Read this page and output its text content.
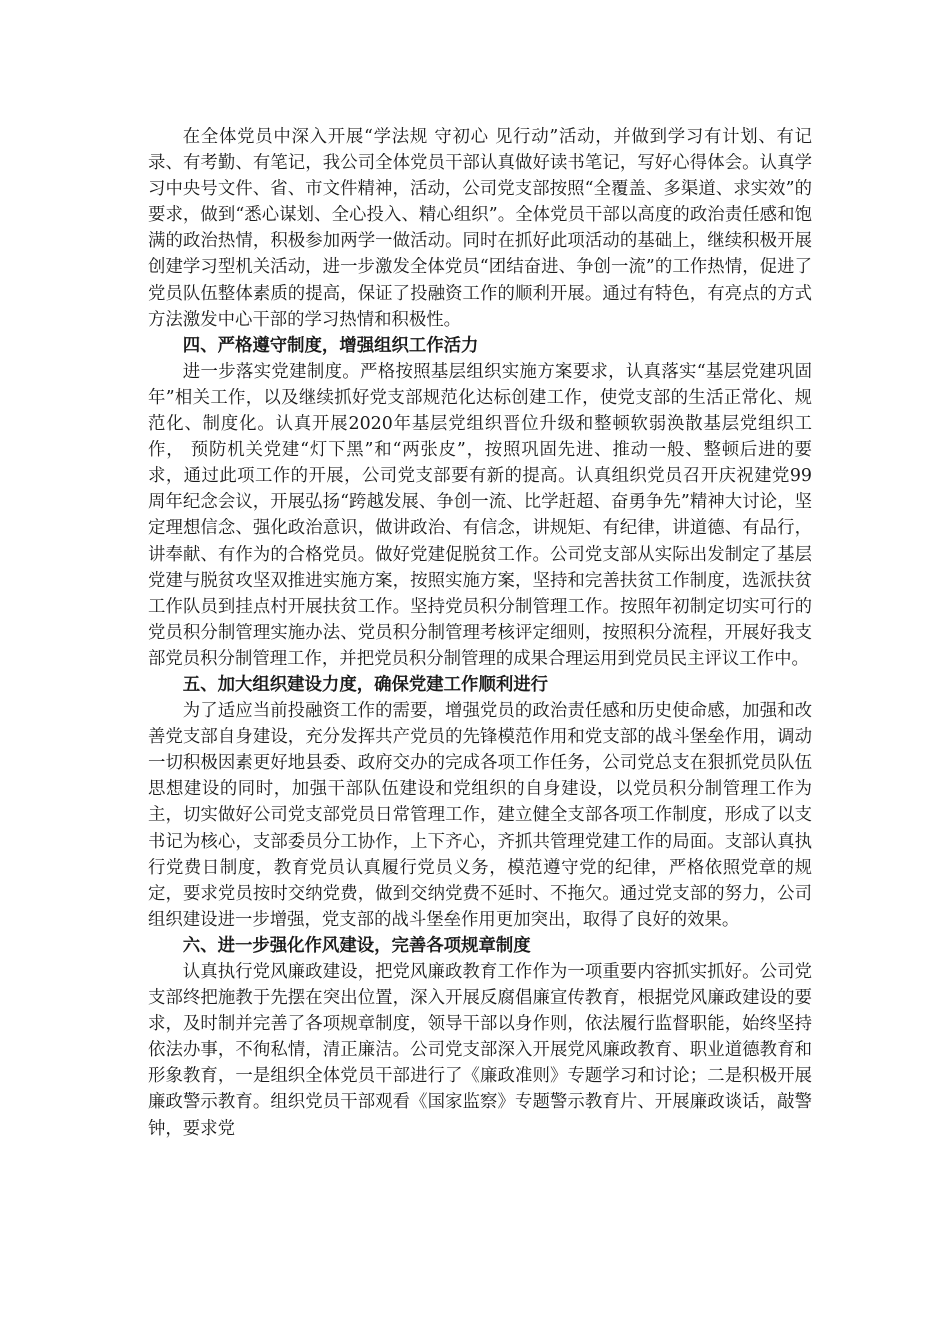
在全体党员中深入开展“学法规 守初心 见行动”活动，并做到学习有计划、有记录、有考勤、有笔记，我公司全体党员干部认真做好读书笔记，写好心得体会。认真学习中央号文件、省、市文件精神，活动，公司党支部按照“全覆盖、多渠道、求实效”的要求，做到“悉心谋划、全心投入、精心组织”。全体党员干部以高度的政治责任感和饱满的政治热情，积极参加两学一做活动。同时在抓好此项活动的基础上，继续积极开展创建学习型机关活动，进一步激发全体党员“团结奋进、争创一流”的工作热情，促进了党员队伍整体素质的提高，保证了投融资工作的顺利开展。通过有特色，有亮点的方式方法激发中心干部的学习热情和积极性。

四、严格遵守制度，增强组织工作活力

进一步落实党建制度。严格按照基层组织实施方案要求，认真落实“基层党建巩固年”相关工作，以及继续抓好党支部规范化达标创建工作，使党支部的生活正常化、规范化、制度化。认真开展2020年基层党组织晋位升级和整顿软弱涣散基层党组织工作， 预防机关党建“灯下黑”和“两张皮”，按照巩固先进、推动一般、整顿后进的要求，通过此项工作的开展，公司党支部要有新的提高。认真组织党员召开庆祝建党99周年纪念会议，开展弘扬“跨越发展、争创一流、比学赶超、奋勇争先”精神大讨论，坚定理想信念、强化政治意识，做讲政治、有信念，讲规矩、有纪律，讲道德、有品行，讲奉献、有作为的合格党员。做好党建促脱贫工作。公司党支部从实际出发制定了基层党建与脱贫攻坚双推进实施方案，按照实施方案，坚持和完善扶贫工作制度，选派扶贫工作队员到挂点村开展扶贫工作。坚持党员积分制管理工作。按照年初制定切实可行的党员积分制管理实施办法、党员积分制管理考核评定细则，按照积分流程，开展好我支部党员积分制管理工作，并把党员积分制管理的成果合理运用到党员民主评议工作中。

五、加大组织建设力度，确保党建工作顺利进行

为了适应当前投融资工作的需要，增强党员的政治责任感和历史使命感，加强和改善党支部自身建设，充分发挥共产党员的先锋模范作用和党支部的战斗堡垒作用，调动一切积极因素更好地县委、政府交办的完成各项工作任务，公司党总支在狠抓党员队伍思想建设的同时，加强干部队伍建设和党组织的自身建设，以党员积分制管理工作为主，切实做好公司党支部党员日常管理工作，建立健全支部各项工作制度，形成了以支书记为核心，支部委员分工协作，上下齐心，齐抓共管理党建工作的局面。支部认真执行党费日制度，教育党员认真履行党员义务，模范遵守党的纪律，严格依照党章的规定，要求党员按时交纳党费，做到交纳党费不延时、不拖欠。通过党支部的努力，公司组织建设进一步增强，党支部的战斗堡垒作用更加突出，取得了良好的效果。

六、进一步强化作风建设，完善各项规章制度

认真执行党风廉政建设，把党风廉政教育工作作为一项重要内容抓实抓好。公司党支部终把施教于先摆在突出位置，深入开展反腐倡廉宣传教育，根据党风廉政建设的要求，及时制并完善了各项规章制度，领导干部以身作则，依法履行监督职能，始终坚持依法办事，不徇私情，清正廉洁。公司党支部深入开展党风廉政教育、职业道德教育和形象教育，一是组织全体党员干部进行了《廉政准则》专题学习和讨论；二是积极开展廉政警示教育。组织党员干部观看《国家监察》专题警示教育片、开展廉政谈话，敲警钟，要求党
